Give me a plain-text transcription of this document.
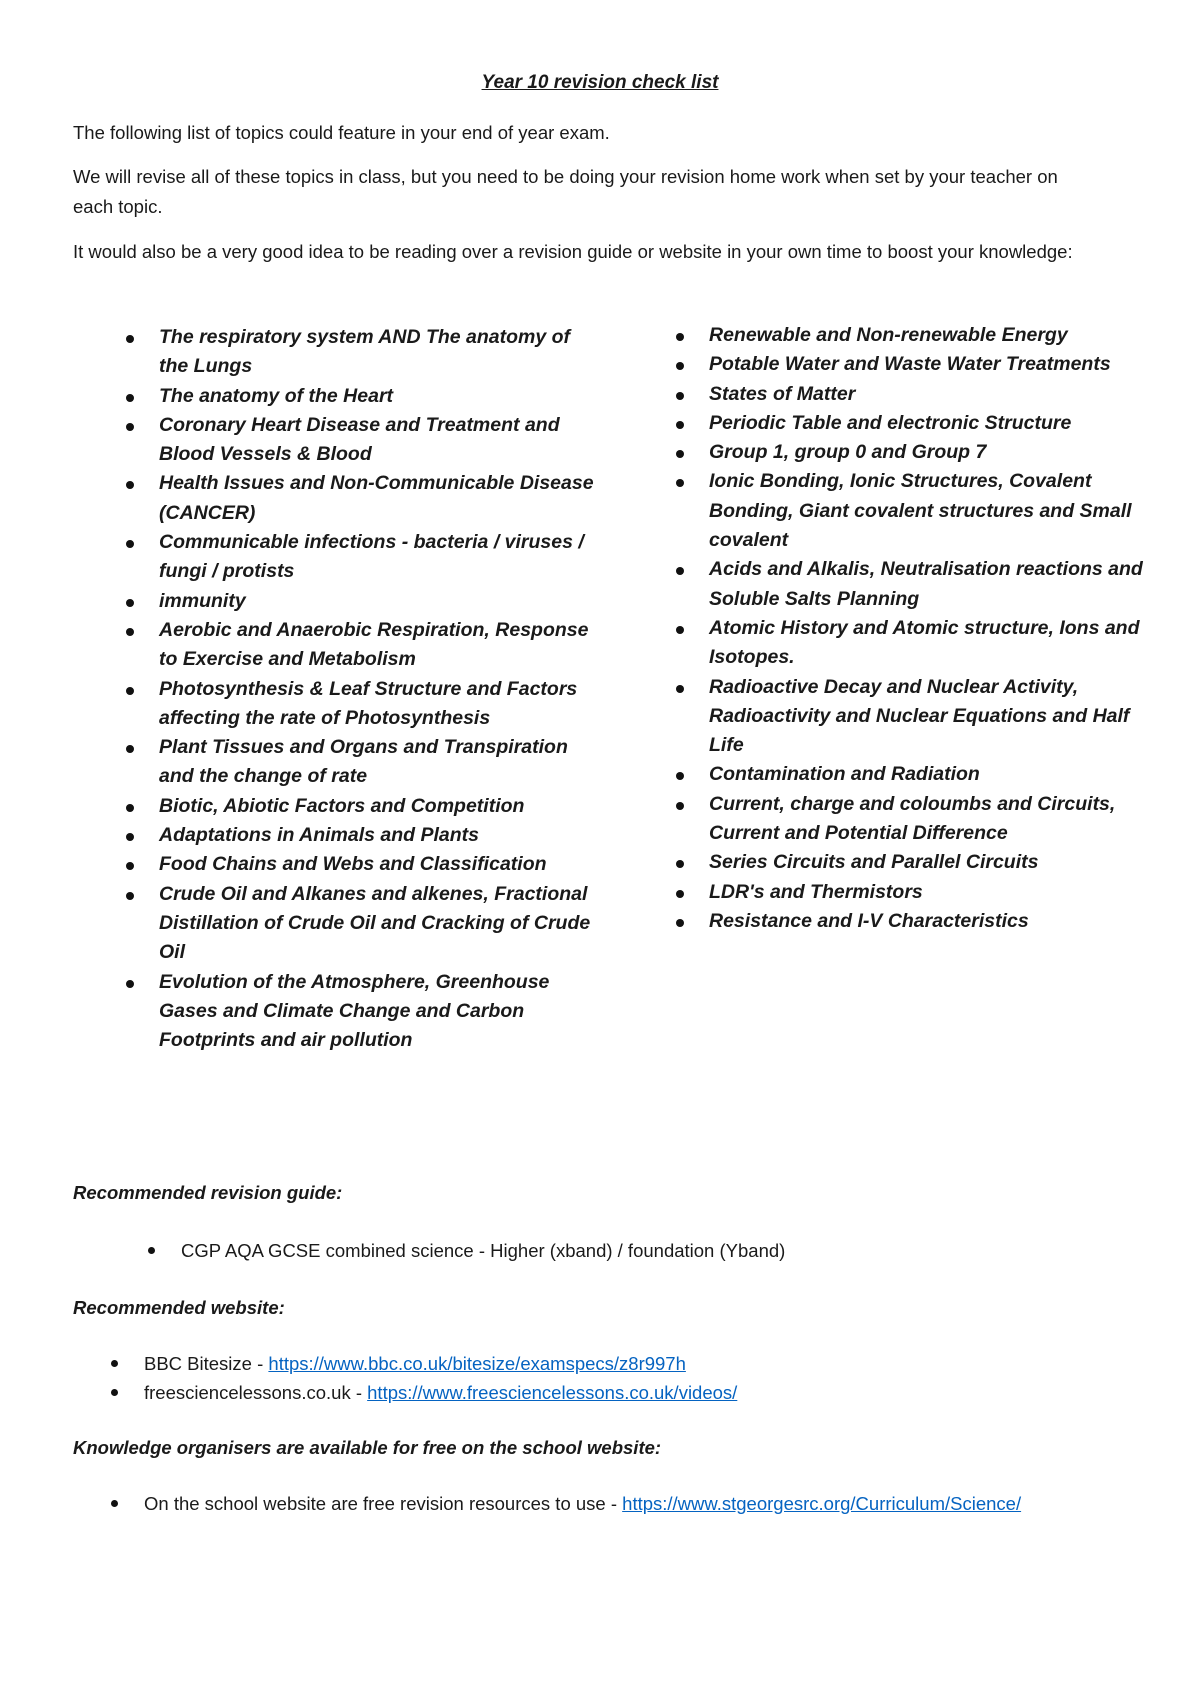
Year 10 revision check list

The following list of topics could feature in your end of year exam.

We will revise all of these topics in class, but you need to be doing your revision home work when set by your teacher on each topic.

It would also be a very good idea to be reading over a revision guide or website in your own time to boost your knowledge:

The respiratory system AND The anatomy of the Lungs
The anatomy of the Heart
Coronary Heart Disease and Treatment and Blood Vessels & Blood
Health Issues and Non-Communicable Disease (CANCER)
Communicable infections - bacteria / viruses / fungi / protists
immunity
Aerobic and Anaerobic Respiration, Response to Exercise and Metabolism
Photosynthesis & Leaf Structure and Factors affecting the rate of Photosynthesis
Plant Tissues and Organs and Transpiration and the change of rate
Biotic, Abiotic Factors and Competition
Adaptations in Animals and Plants
Food Chains and Webs and Classification
Crude Oil and Alkanes and alkenes, Fractional Distillation of Crude Oil and Cracking of Crude Oil
Evolution of the Atmosphere, Greenhouse Gases and Climate Change and Carbon Footprints and air pollution
Renewable and Non-renewable Energy
Potable Water and Waste Water Treatments
States of Matter
Periodic Table and electronic Structure
Group 1, group 0 and Group 7
Ionic Bonding, Ionic Structures, Covalent Bonding, Giant covalent structures and Small covalent
Acids and Alkalis, Neutralisation reactions and Soluble Salts Planning
Atomic History and Atomic structure, Ions and Isotopes.
Radioactive Decay and Nuclear Activity, Radioactivity and Nuclear Equations and Half Life
Contamination and Radiation
Current, charge and coloumbs and Circuits, Current and Potential Difference
Series Circuits and Parallel Circuits
LDR's and Thermistors
Resistance and I-V Characteristics

Recommended revision guide:

CGP AQA GCSE combined science - Higher (xband) / foundation (Yband)

Recommended website:

BBC Bitesize - https://www.bbc.co.uk/bitesize/examspecs/z8r997h
freesciencelessons.co.uk - https://www.freesciencelessons.co.uk/videos/

Knowledge organisers are available for free on the school website:

On the school website are free revision resources to use - https://www.stgeorgesrc.org/Curriculum/Science/
